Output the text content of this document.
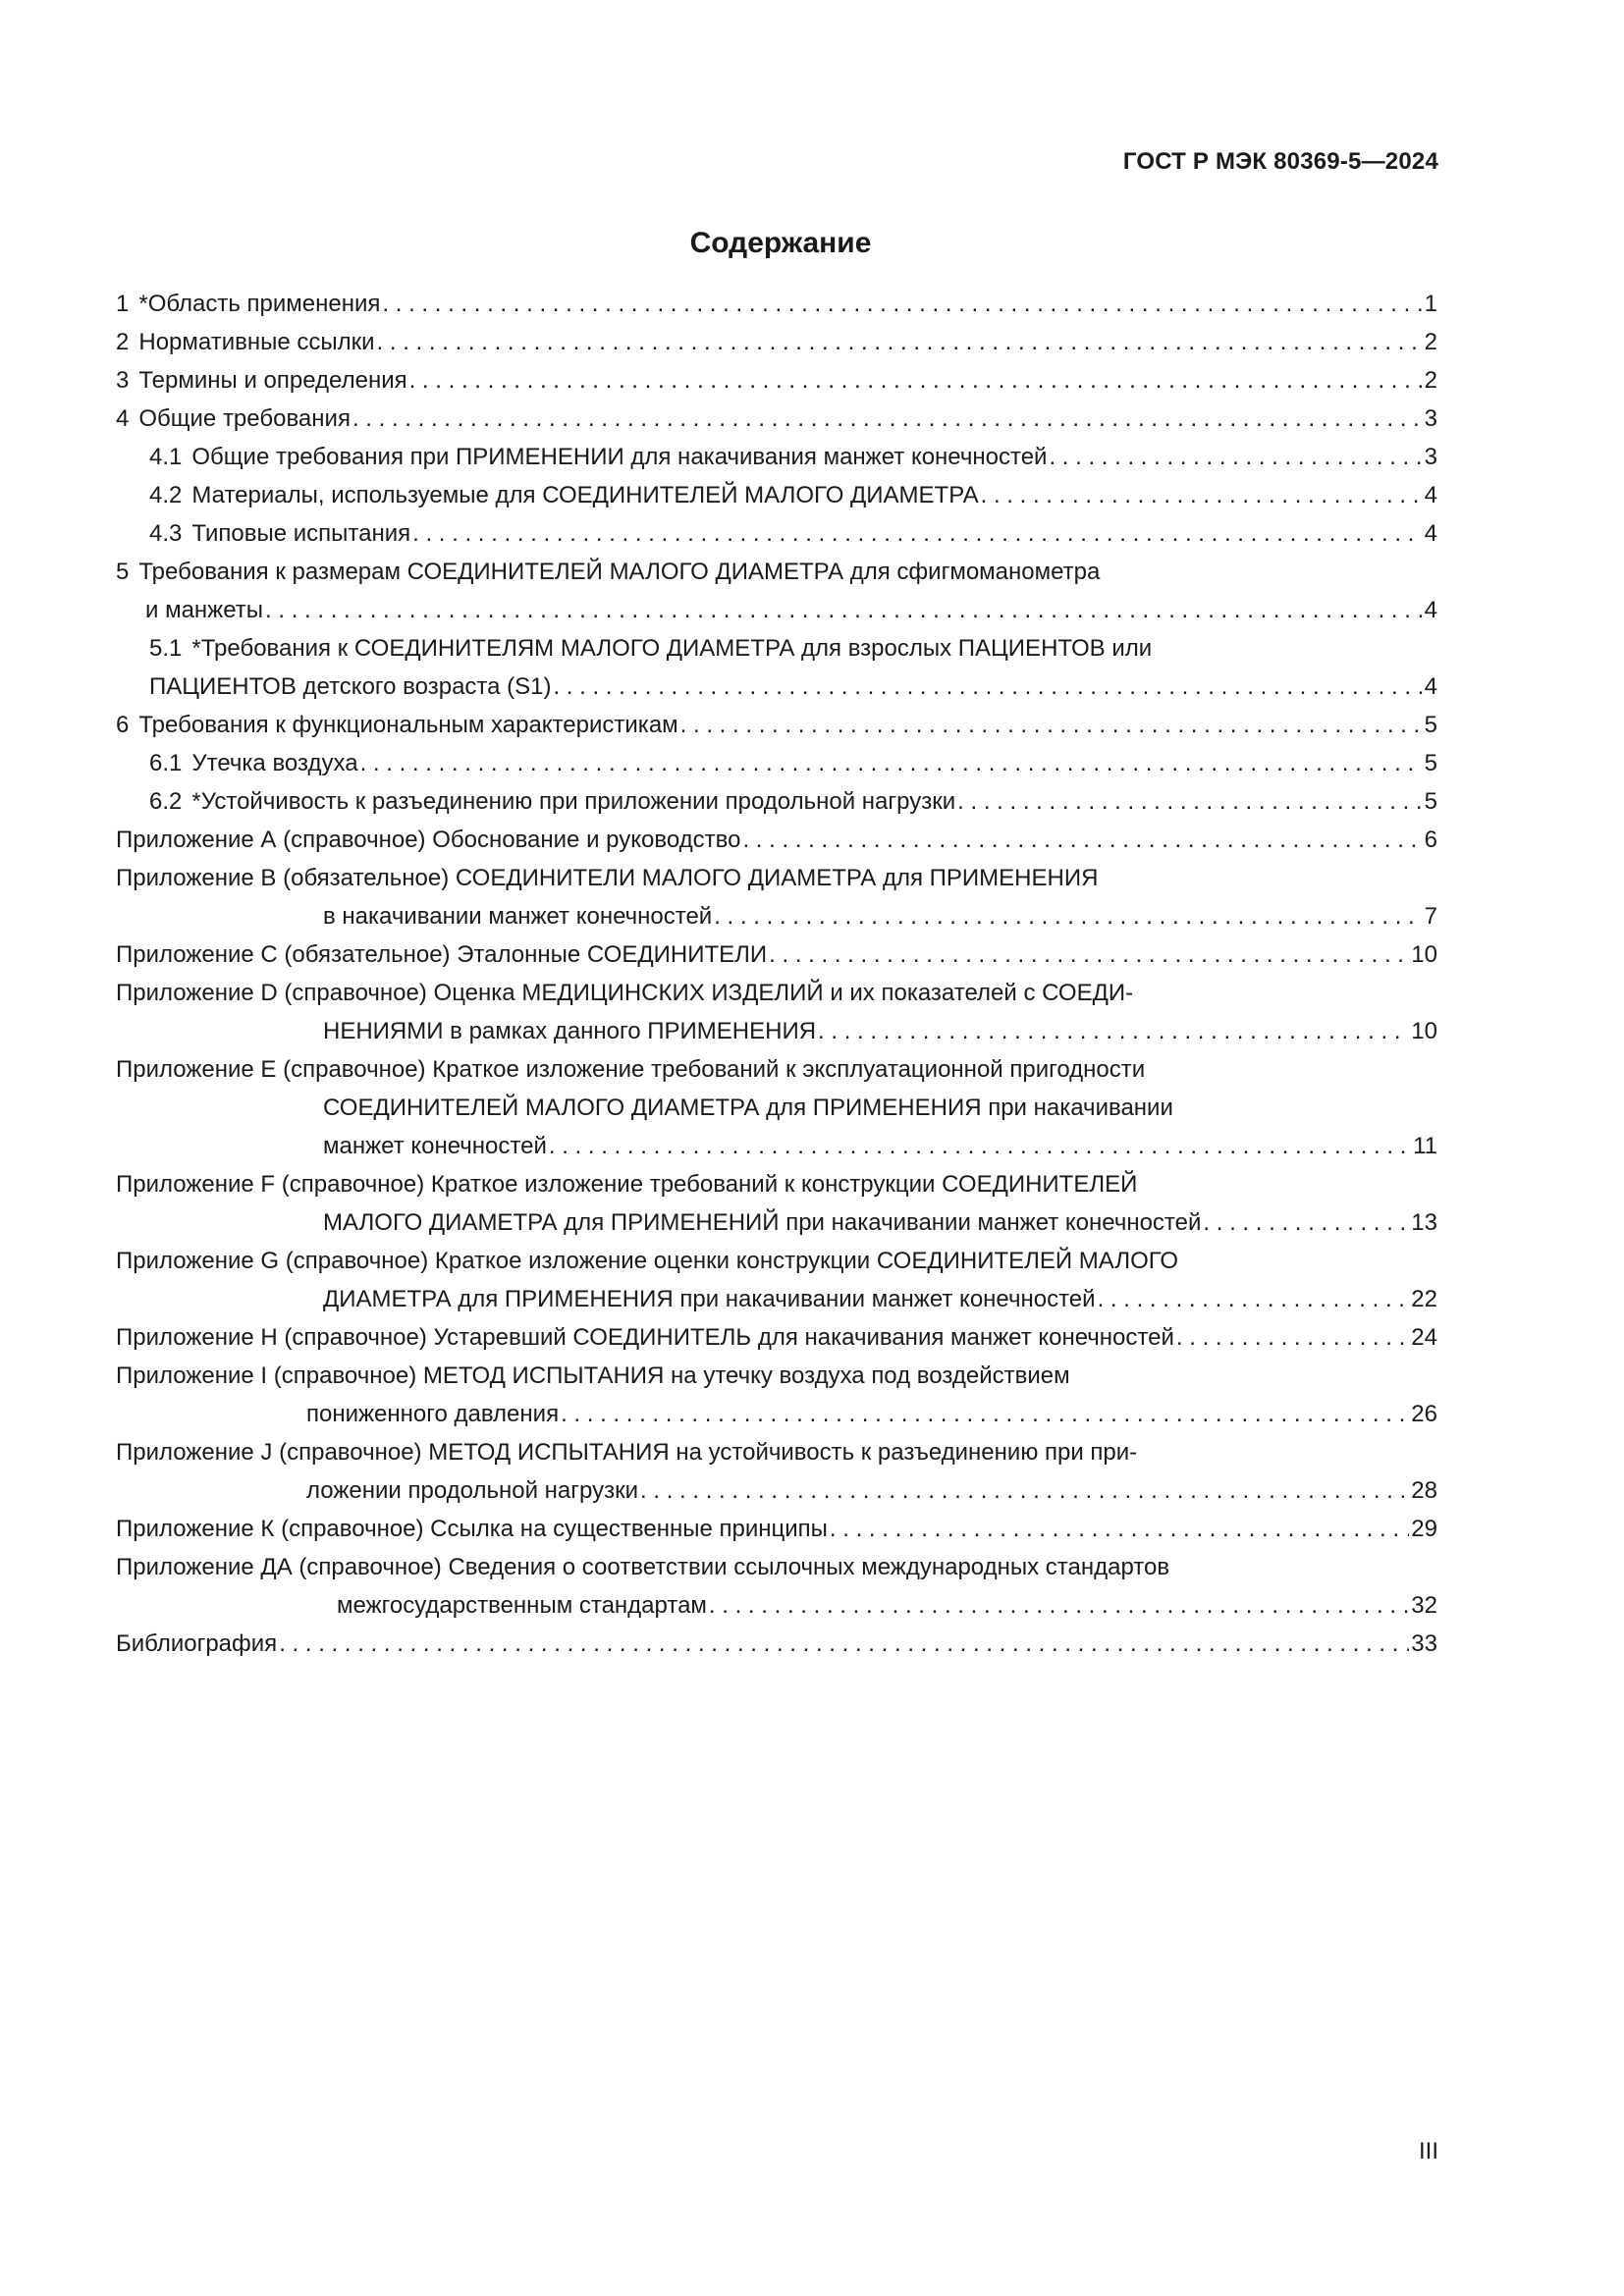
ГОСТ Р МЭК 80369-5—2024
Содержание
1 *Область применения . . .	1
2 Нормативные ссылки . . .	2
3 Термины и определения . . .	2
4 Общие требования . . .	3
4.1 Общие требования при ПРИМЕНЕНИИ для накачивания манжет конечностей . . .	3
4.2 Материалы, используемые для СОЕДИНИТЕЛЕЙ МАЛОГО ДИАМЕТРА . . .	4
4.3 Типовые испытания . . .	4
5 Требования к размерам СОЕДИНИТЕЛЕЙ МАЛОГО ДИАМЕТРА для сфигмоманометра
и манжеты . . .	4
5.1 *Требования к СОЕДИНИТЕЛЯМ МАЛОГО ДИАМЕТРА для взрослых ПАЦИЕНТОВ или
ПАЦИЕНТОВ детского возраста (S1) . . .	4
6 Требования к функциональным характеристикам . . .	5
6.1 Утечка воздуха . . .	5
6.2 *Устойчивость к разъединению при приложении продольной нагрузки . . .	5
Приложение А (справочное) Обоснование и руководство . . .	6
Приложение В (обязательное) СОЕДИНИТЕЛИ МАЛОГО ДИАМЕТРА для ПРИМЕНЕНИЯ
в накачивании манжет конечностей . . .	7
Приложение С (обязательное) Эталонные СОЕДИНИТЕЛИ . . .	10
Приложение D (справочное) Оценка МЕДИЦИНСКИХ ИЗДЕЛИЙ и их показателей с СОЕДИ-
НЕНИЯМИ в рамках данного ПРИМЕНЕНИЯ . . .	10
Приложение Е (справочное) Краткое изложение требований к эксплуатационной пригодности
СОЕДИНИТЕЛЕЙ МАЛОГО ДИАМЕТРА для ПРИМЕНЕНИЯ при накачивании
манжет конечностей . . .	11
Приложение F (справочное) Краткое изложение требований к конструкции СОЕДИНИТЕЛЕЙ
МАЛОГО ДИАМЕТРА для ПРИМЕНЕНИЙ при накачивании манжет конечностей . . .	13
Приложение G (справочное) Краткое изложение оценки конструкции СОЕДИНИТЕЛЕЙ МАЛОГО
ДИАМЕТРА для ПРИМЕНЕНИЯ при накачивании манжет конечностей . . .	22
Приложение Н (справочное) Устаревший СОЕДИНИТЕЛЬ для накачивания манжет конечностей . . .	24
Приложение I (справочное) МЕТОД ИСПЫТАНИЯ на утечку воздуха под воздействием
пониженного давления . . .	26
Приложение J (справочное) МЕТОД ИСПЫТАНИЯ на устойчивость к разъединению при при-
ложении продольной нагрузки . . .	28
Приложение К (справочное) Ссылка на существенные принципы . . .	29
Приложение ДА (справочное) Сведения о соответствии ссылочных международных стандартов
межгосударственным стандартам . . .	32
Библиография . . .	33
III
